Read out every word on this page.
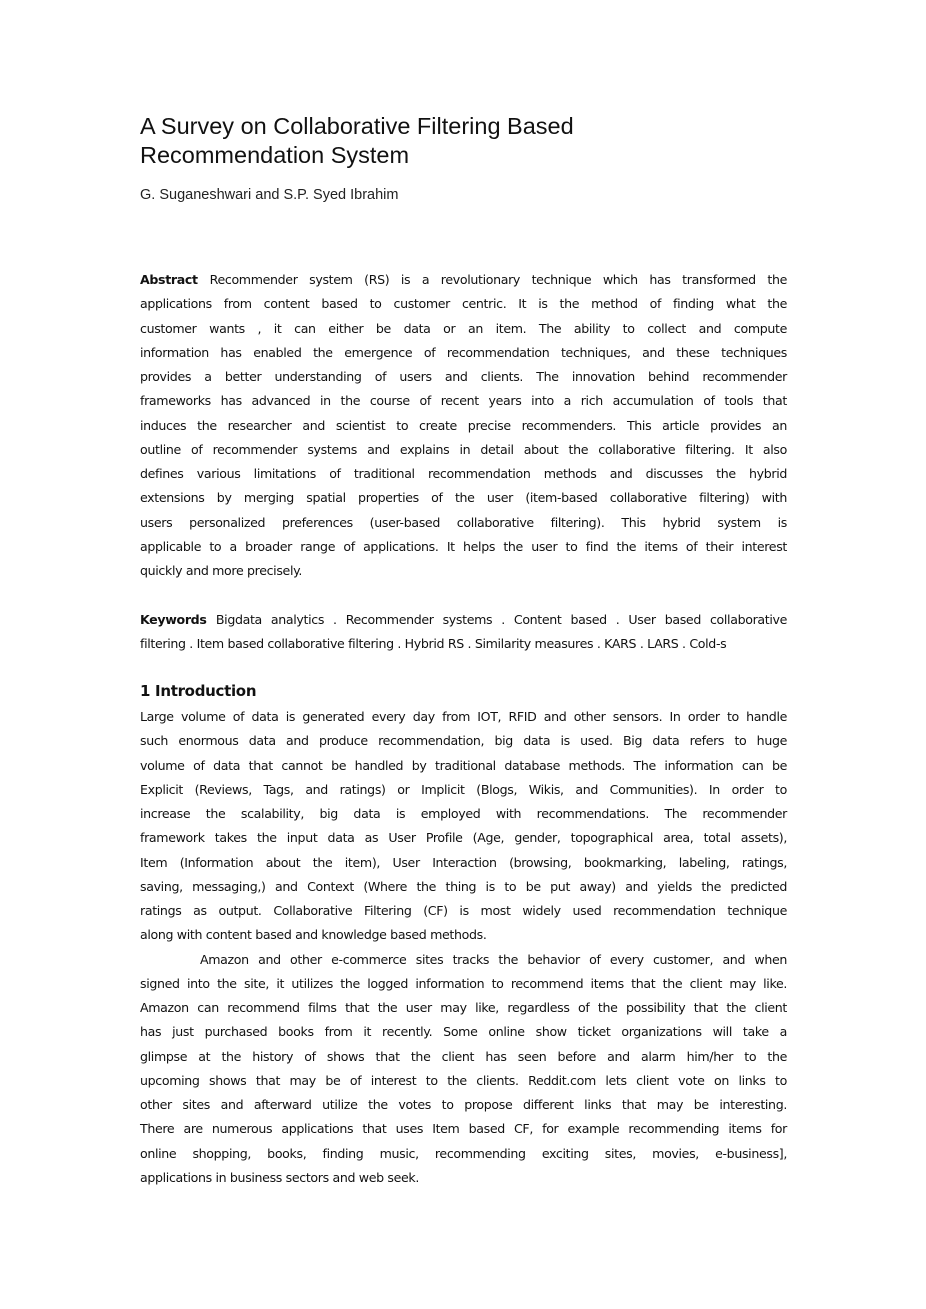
A Survey on Collaborative Filtering Based
Recommendation System
G. Suganeshwari and S.P. Syed Ibrahim
Abstract Recommender system (RS) is a revolutionary technique which has transformed the
applications from content based to customer centric. It is the method of finding what the
customer wants , it can either be data or an item. The ability to collect and compute
information has enabled the emergence of recommendation techniques, and these techniques
provides a better understanding of users and clients. The innovation behind recommender
frameworks has advanced in the course of recent years into a rich accumulation of tools that
induces the researcher and scientist to create precise recommenders. This article provides an
outline of recommender systems and explains in detail about the collaborative filtering. It also
defines various limitations of traditional recommendation methods and discusses the hybrid
extensions by merging spatial properties of the user (item-based collaborative filtering) with
users personalized preferences (user-based collaborative filtering). This hybrid system is
applicable to a broader range of applications. It helps the user to find the items of their interest
quickly and more precisely.
Keywords Bigdata analytics . Recommender systems . Content based . User based collaborative
filtering . Item based collaborative filtering . Hybrid RS . Similarity measures . KARS . LARS . Cold-s
1 Introduction
Large volume of data is generated every day from IOT, RFID and other sensors. In order to handle
such enormous data and produce recommendation, big data is used. Big data refers to huge
volume of data that cannot be handled by traditional database methods. The information can be
Explicit (Reviews, Tags, and ratings) or Implicit (Blogs, Wikis, and Communities). In order to
increase the scalability, big data is employed with recommendations. The recommender
framework takes the input data as User Profile (Age, gender, topographical area, total assets),
Item (Information about the item), User Interaction (browsing, bookmarking, labeling, ratings,
saving, messaging,) and Context (Where the thing is to be put away) and yields the predicted
ratings as output. Collaborative Filtering (CF) is most widely used recommendation technique
along with content based and knowledge based methods.
Amazon and other e-commerce sites tracks the behavior of every customer, and when
signed into the site, it utilizes the logged information to recommend items that the client may like.
Amazon can recommend films that the user may like, regardless of the possibility that the client
has just purchased books from it recently. Some online show ticket organizations will take a
glimpse at the history of shows that the client has seen before and alarm him/her to the
upcoming shows that may be of interest to the clients. Reddit.com lets client vote on links to
other sites and afterward utilize the votes to propose different links that may be interesting.
There are numerous applications that uses Item based CF, for example recommending items for
online shopping, books, finding music, recommending exciting sites, movies, e-business],
applications in business sectors and web seek.
